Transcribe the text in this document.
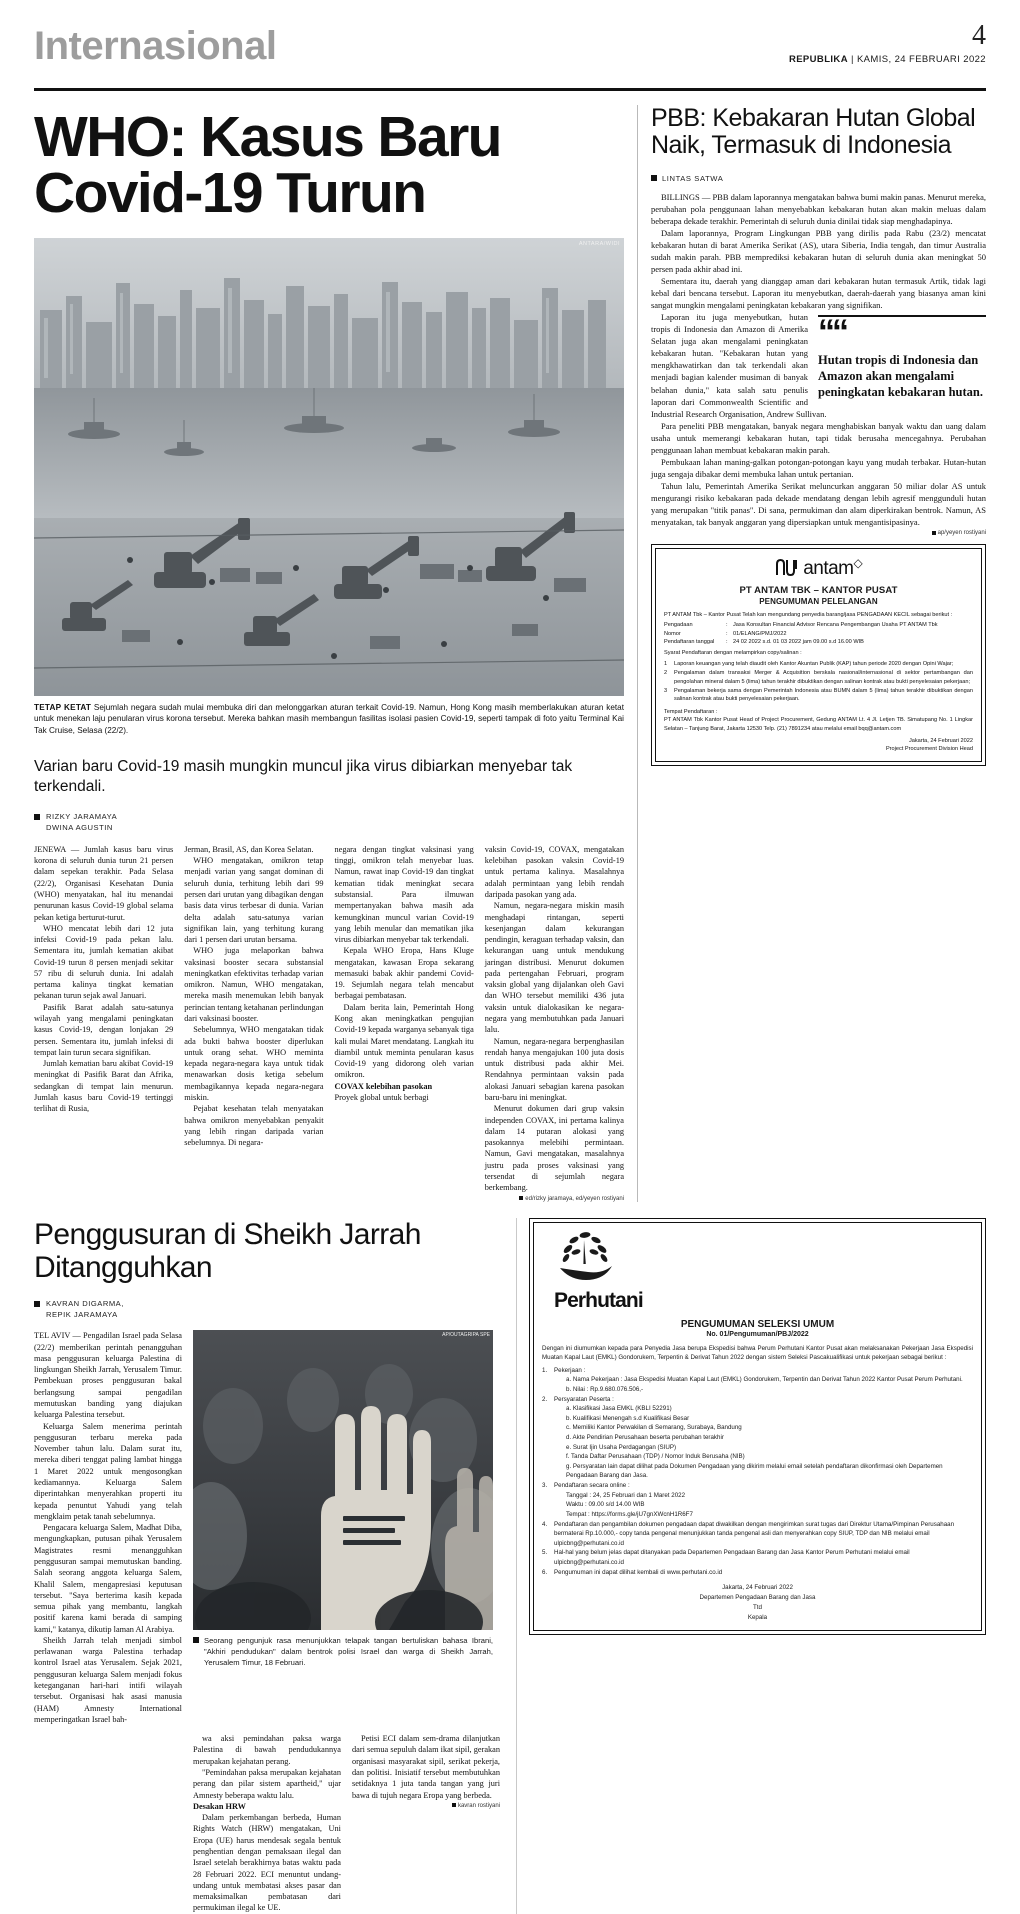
Internasional	4
REPUBLIKA | KAMIS, 24 FEBRUARI 2022
WHO: Kasus Baru Covid-19 Turun
ANTARA/WIDI
TETAP KETAT Sejumlah negara sudah mulai membuka diri dan melonggarkan aturan terkait Covid-19. Namun, Hong Kong masih memberlakukan aturan ketat untuk menekan laju penularan virus korona tersebut. Mereka bahkan masih membangun fasilitas isolasi pasien Covid-19, seperti tampak di foto yaitu Terminal Kai Tak Cruise, Selasa (22/2).
Varian baru Covid-19 masih mungkin muncul jika virus dibiarkan menyebar tak terkendali.
RIZKY JARAMAYA
DWINA AGUSTIN

JENEWA — Jumlah kasus baru virus korona di seluruh dunia turun 21 persen dalam sepekan terakhir. Pada Selasa (22/2), Organisasi Kesehatan Dunia (WHO) menyatakan, hal itu menandai penurunan kasus Covid-19 global selama pekan ketiga berturut-turut.

WHO mencatat lebih dari 12 juta infeksi Covid-19 pada pekan lalu. Sementara itu, jumlah kematian akibat Covid-19 turun 8 persen menjadi sekitar 57 ribu di seluruh dunia. Ini adalah pertama kalinya tingkat kematian pekanan turun sejak awal Januari.

Pasifik Barat adalah satu-satunya wilayah yang mengalami peningkatan kasus Covid-19, dengan lonjakan 29 persen. Sementara itu, jumlah infeksi di tempat lain turun secara signifikan.

Jumlah kematian baru akibat Covid-19 meningkat di Pasifik Barat dan Afrika, sedangkan di tempat lain menurun. Jumlah kasus baru Covid-19 tertinggi terlihat di Rusia,

Jerman, Brasil, AS, dan Korea Selatan.

WHO mengatakan, omikron tetap menjadi varian yang sangat dominan di seluruh dunia, terhitung lebih dari 99 persen dari urutan yang dibagikan dengan basis data virus terbesar di dunia. Varian delta adalah satu-satunya varian signifikan lain, yang terhitung kurang dari 1 persen dari urutan bersama.

WHO juga melaporkan bahwa vaksinasi booster secara substansial meningkatkan efektivitas terhadap varian omikron. Namun, WHO mengatakan, mereka masih menemukan lebih banyak perincian tentang ketahanan perlindungan dari vaksinasi booster.

Sebelumnya, WHO mengatakan tidak ada bukti bahwa booster diperlukan untuk orang sehat. WHO meminta kepada negara-negara kaya untuk tidak menawarkan dosis ketiga sebelum membagikannya kepada negara-negara miskin.

Pejabat kesehatan telah menyatakan bahwa omikron menyebabkan penyakit yang lebih ringan daripada varian sebelumnya. Di negara-

negara dengan tingkat vaksinasi yang tinggi, omikron telah menyebar luas. Namun, rawat inap Covid-19 dan tingkat kematian tidak meningkat secara substansial. Para ilmuwan mempertanyakan bahwa masih ada kemungkinan muncul varian Covid-19 yang lebih menular dan mematikan jika virus dibiarkan menyebar tak terkendali.

Kepala WHO Eropa, Hans Kluge mengatakan, kawasan Eropa sekarang memasuki babak akhir pandemi Covid-19. Sejumlah negara telah mencabut berbagai pembatasan.

Dalam berita lain, Pemerintah Hong Kong akan meningkatkan pengujian Covid-19 kepada warganya sebanyak tiga kali mulai Maret mendatang. Langkah itu diambil untuk meminta penularan kasus Covid-19 yang didorong oleh varian omikron.

COVAX kelebihan pasokan

Proyek global untuk berbagi

vaksin Covid-19, COVAX, mengatakan kelebihan pasokan vaksin Covid-19 untuk pertama kalinya. Masalahnya adalah permintaan yang lebih rendah daripada pasokan yang ada.

Namun, negara-negara miskin masih menghadapi rintangan, seperti kesenjangan dalam kekurangan pendingin, keraguan terhadap vaksin, dan kekurangan uang untuk mendukung jaringan distribusi. Menurut dokumen pada pertengahan Februari, program vaksin global yang dijalankan oleh Gavi dan WHO tersebut memiliki 436 juta vaksin untuk dialokasikan ke negara-negara yang membutuhkan pada Januari lalu.

Namun, negara-negara berpenghasilan rendah hanya mengajukan 100 juta dosis untuk distribusi pada akhir Mei. Rendahnya permintaan vaksin pada alokasi Januari sebagian karena pasokan baru-baru ini meningkat.

Menurut dokumen dari grup vaksin independen COVAX, ini pertama kalinya dalam 14 putaran alokasi yang pasokannya melebihi permintaan. Namun, Gavi mengatakan, masalahnya justru pada proses vaksinasi yang tersendat di sejumlah negara berkembang.

ed/rizky jaramaya, ed/yeyen rostiyani
PBB: Kebakaran Hutan Global Naik, Termasuk di Indonesia
LINTAS SATWA

BILLINGS — PBB dalam laporannya mengatakan bahwa bumi makin panas. Menurut mereka, perubahan pola penggunaan lahan menyebabkan kebakaran hutan akan makin meluas dalam beberapa dekade terakhir. Pemerintah di seluruh dunia dinilai tidak siap menghadapinya.

Dalam laporannya, Program Lingkungan PBB yang dirilis pada Rabu (23/2) mencatat kebakaran hutan di barat Amerika Serikat (AS), utara Siberia, India tengah, dan timur Australia sudah makin parah. PBB memprediksi kebakaran hutan di seluruh dunia akan meningkat 50 persen pada akhir abad ini.

Sementara itu, daerah yang dianggap aman dari kebakaran hutan termasuk Artik, tidak lagi kebal dari bencana tersebut. Laporan itu menyebutkan, daerah-daerah yang biasanya aman kini sangat mungkin mengalami peningkatan kebakaran yang signifikan.

““
Hutan tropis di Indonesia dan Amazon akan mengalami peningkatan kebakaran hutan.

Laporan itu juga menyebutkan, hutan tropis di Indonesia dan Amazon di Amerika Selatan juga akan mengalami peningkatan kebakaran hutan. "Kebakaran hutan yang mengkhawatirkan dan tak terkendali akan menjadi bagian kalender musiman di banyak belahan dunia," kata salah satu penulis laporan dari Commonwealth Scientific and Industrial Research Organisation, Andrew Sullivan.

Para peneliti PBB mengatakan, banyak negara menghabiskan banyak waktu dan uang dalam usaha untuk memerangi kebakaran hutan, tapi tidak berusaha mencegahnya. Perubahan penggunaan lahan membuat kebakaran makin parah.

Pembukaan lahan maning-galkan potongan-potongan kayu yang mudah terbakar. Hutan-hutan juga sengaja dibakar demi membuka lahan untuk pertanian.

Tahun lalu, Pemerintah Amerika Serikat meluncurkan anggaran 50 miliar dolar AS untuk mengurangi risiko kebakaran pada dekade mendatang dengan lebih agresif menggunduli hutan yang merupakan "titik panas". Di sana, permukiman dan alam diperkirakan bentrok. Namun, AS menyatakan, tak banyak anggaran yang dipersiapkan untuk mengantisipasinya.

ap/yeyen rostiyani
antam◇
PT ANTAM TBK – KANTOR PUSAT
PENGUMUMAN PELELANGAN

PT ANTAM Tbk – Kantor Pusat Telah kan mengundang penyedia barang/jasa PENGADAAN KECIL sebagai berikut :

Pengadaan	: Jasa Konsultan Financial Advisor Rencana Pengembangan Usaha PT ANTAM Tbk
Nomor	: 01/ELANG/PMJ/2022
Pendaftaran tanggal	: 24 02 2022 s.d. 01 03 2022 jam 09.00 s.d 16.00 WIB

Syarat Pendaftaran dengan melampirkan copy/salinan :

1	Laporan keuangan yang telah diaudit oleh Kantor Akuntan Publik (KAP) tahun periode 2020 dengan Opini Wajar;
2	Pengalaman dalam transaksi Merger & Acquisition berskala nasional/internasional di sektor pertambangan dan pengolahan mineral dalam 5 (lima) tahun terakhir dibuktikan dengan salinan kontrak atau bukti penyelesaian pekerjaan;
3	Pengalaman bekerja sama dengan Pemerintah Indonesia atau BUMN dalam 5 (lima) tahun terakhir dibuktikan dengan salinan kontrak atau bukti penyelesaian pekerjaan.
Tempat Pendaftaran :
PT ANTAM Tbk Kantor Pusat Head of Project Procurement, Gedung ANTAM Lt. 4 Jl. Letjen TB. Simatupang No. 1 Lingkar Selatan – Tanjung Barat, Jakarta 12530 Telp. (21) 7891234 atau melalui email bqq@antam.com
Jakarta, 24 Februari 2022
Project Procurement Division Head
Penggusuran di Sheikh Jarrah Ditangguhkan
KAVRAN DIGARMA,
REPIK JARAMAYA

TEL AVIV — Pengadilan Israel pada Selasa (22/2) memberikan perintah penangguhan masa penggusuran keluarga Palestina di lingkungan Sheikh Jarrah, Yerusalem Timur. Pembekuan proses penggusuran bakal berlangsung sampai pengadilan memutuskan banding yang diajukan keluarga Palestina tersebut.

Keluarga Salem menerima perintah penggusuran terbaru mereka pada November tahun lalu. Dalam surat itu, mereka diberi tenggat paling lambat hingga 1 Maret 2022 untuk mengosongkan kediamannya. Keluarga Salem diperintahkan menyerahkan properti itu kepada penuntut Yahudi yang telah mengklaim petak tanah sebelumnya.

Pengacara keluarga Salem, Madhat Diba, mengungkapkan, putusan pihak Yerusalem Magistrates resmi menangguhkan penggusuran sampai memutuskan banding. Salah seorang anggota keluarga Salem, Khalil Salem, mengapresiasi keputusan tersebut. "Saya berterima kasih kepada semua pihak yang membantu, langkah positif karena kami berada di samping kami," katanya, dikutip laman Al Arabiya.

Sheikh Jarrah telah menjadi simbol perlawanan warga Palestina terhadap kontrol Israel atas Yerusalem. Sejak 2021, penggusuran keluarga Salem menjadi fokus keteganganan hari-hari intifi wilayah tersebut. Organisasi hak asasi manusia (HAM) Amnesty International memperingatkan Israel bah-

AP/OUTAGRIPA SPE
Seorang pengunjuk rasa menunjukkan telapak tangan bertuliskan bahasa Ibrani, "Akhiri pendudukan" dalam bentrok polisi Israel dan warga di Sheikh Jarrah, Yerusalem Timur, 18 Februari.

wa aksi pemindahan paksa warga Palestina di bawah pendudukannya merupakan kejahatan perang.

"Pemindahan paksa merupakan kejahatan perang dan pilar sistem apartheid," ujar Amnesty beberapa waktu lalu.

Desakan HRW

Dalam perkembangan berbeda, Human Rights Watch (HRW) mengatakan, Uni Eropa (UE) harus mendesak segala bentuk penghentian dengan pemaksaan ilegal dan Israel setelah berakhirnya batas waktu pada 28 Februari 2022. ECI menuntut undang-undang untuk membatasi akses pasar dan memaksimalkan pembatasan dari permukiman ilegal ke UE.

Petisi ECI dalam sem-drama dilanjutkan dari semua sepuluh dalam ikat sipil, gerakan organisasi masyarakat sipil, serikat pekerja, dan politisi. Inisiatif tersebut membutuhkan setidaknya 1 juta tanda tangan yang juri bawa di tujuh negara Eropa yang berbeda.

kavran rostiyani
Perhutani
PENGUMUMAN SELEKSI UMUM
No. 01/Pengumuman/PBJ/2022
Dengan ini diumumkan kepada para Penyedia Jasa berupa Ekspedisi bahwa Perum Perhutani Kantor Pusat akan melaksanakan Pekerjaan Jasa Ekspedisi Muatan Kapal Laut (EMKL) Gondorukem, Terpentin & Derivat Tahun 2022 dengan sistem Seleksi Pascakualifikasi untuk pekerjaan sebagai berikut :
1.	Pekerjaan :
a. Nama Pekerjaan : Jasa Ekspedisi Muatan Kapal Laut (EMKL) Gondorukem, Terpentin dan Derivat Tahun 2022 Kantor Pusat Perum Perhutani.
b. Nilai : Rp.9.680.076.506,-
2.	Persyaratan Peserta :
a. Klasifikasi Jasa EMKL (KBLI 52291)
b. Kualifikasi Menengah s.d Kualifikasi Besar
c. Memiliki Kantor Perwakilan di Semarang, Surabaya, Bandung
d. Akte Pendirian Perusahaan beserta perubahan terakhir
e. Surat Ijin Usaha Perdagangan (SIUP)
f. Tanda Daftar Perusahaan (TDP) / Nomor Induk Berusaha (NIB)
g. Persyaratan lain dapat dilihat pada Dokumen Pengadaan yang dikirim melalui email setelah pendaftaran dikonfirmasi oleh Departemen Pengadaan Barang dan Jasa.
3.	Pendaftaran secara online :
Tanggal : 24, 25 Februari dan 1 Maret 2022
Waktu : 09.00 s/d 14.00 WIB
Tempat : https://forms.gle/jU7gnXWcnH1R6F7
4.	Pendaftaran dan pengambilan dokumen pengadaan dapat diwakilkan dengan mengirimkan surat tugas dari Direktur Utama/Pimpinan Perusahaan bermaterai Rp.10.000,- copy tanda pengenal menunjukkan tanda pengenal asli dan menyerahkan copy SIUP, TDP dan NIB melalui email ulpicbng@perhutani.co.id
5.	Hal-hal yang belum jelas dapat ditanyakan pada Departemen Pengadaan Barang dan Jasa Kantor Perum Perhutani melalui email ulpicbng@perhutani.co.id
6.	Pengumuman ini dapat dilihat kembali di www.perhutani.co.id
Jakarta, 24 Februari 2022
Departemen Pengadaan Barang dan Jasa
Ttd
Kepala
